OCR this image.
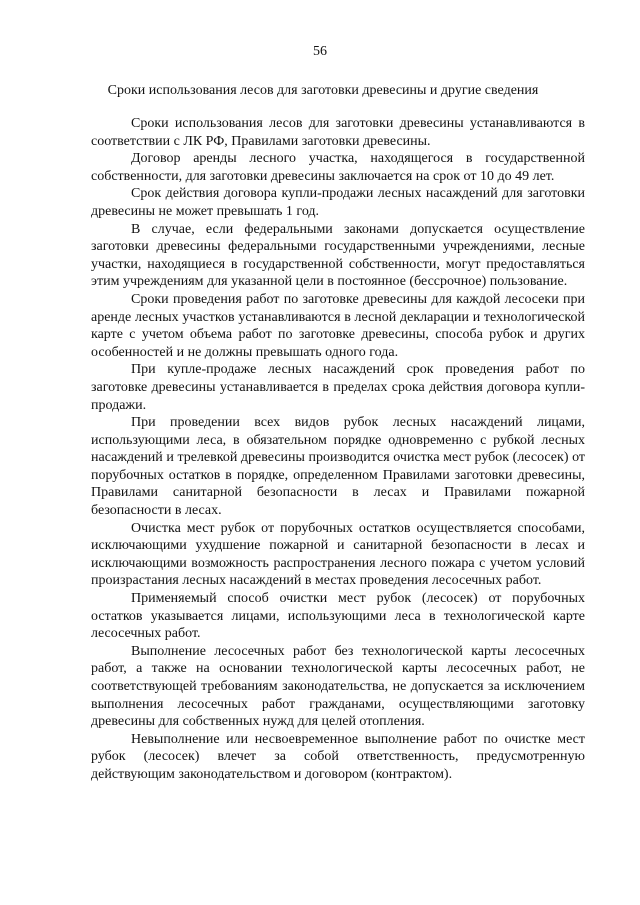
56
Сроки использования лесов для заготовки древесины и другие сведения

Сроки использования лесов для заготовки древесины устанавливаются в соответствии с ЛК РФ, Правилами заготовки древесины.

Договор аренды лесного участка, находящегося в государственной собственности, для заготовки древесины заключается на срок от 10 до 49 лет.

Срок действия договора купли-продажи лесных насаждений для заготовки древесины не может превышать 1 год.

В случае, если федеральными законами допускается осуществление заготовки древесины федеральными государственными учреждениями, лесные участки, находящиеся в государственной собственности, могут предоставляться этим учреждениям для указанной цели в постоянное (бессрочное) пользование.

Сроки проведения работ по заготовке древесины для каждой лесосеки при аренде лесных участков устанавливаются в лесной декларации и технологической карте с учетом объема работ по заготовке древесины, способа рубок и других особенностей и не должны превышать одного года.

При купле-продаже лесных насаждений срок проведения работ по заготовке древесины устанавливается в пределах срока действия договора купли-продажи.

При проведении всех видов рубок лесных насаждений лицами, использующими леса, в обязательном порядке одновременно с рубкой лесных насаждений и трелевкой древесины производится очистка мест рубок (лесосек) от порубочных остатков в порядке, определенном Правилами заготовки древесины, Правилами санитарной безопасности в лесах и Правилами пожарной безопасности в лесах.

Очистка мест рубок от порубочных остатков осуществляется способами, исключающими ухудшение пожарной и санитарной безопасности в лесах и исключающими возможность распространения лесного пожара с учетом условий произрастания лесных насаждений в местах проведения лесосечных работ.

Применяемый способ очистки мест рубок (лесосек) от порубочных остатков указывается лицами, использующими леса в технологической карте лесосечных работ.

Выполнение лесосечных работ без технологической карты лесосечных работ, а также на основании технологической карты лесосечных работ, не соответствующей требованиям законодательства, не допускается за исключением выполнения лесосечных работ гражданами, осуществляющими заготовку древесины для собственных нужд для целей отопления.

Невыполнение или несвоевременное выполнение работ по очистке мест рубок (лесосек) влечет за собой ответственность, предусмотренную действующим законодательством и договором (контрактом).
